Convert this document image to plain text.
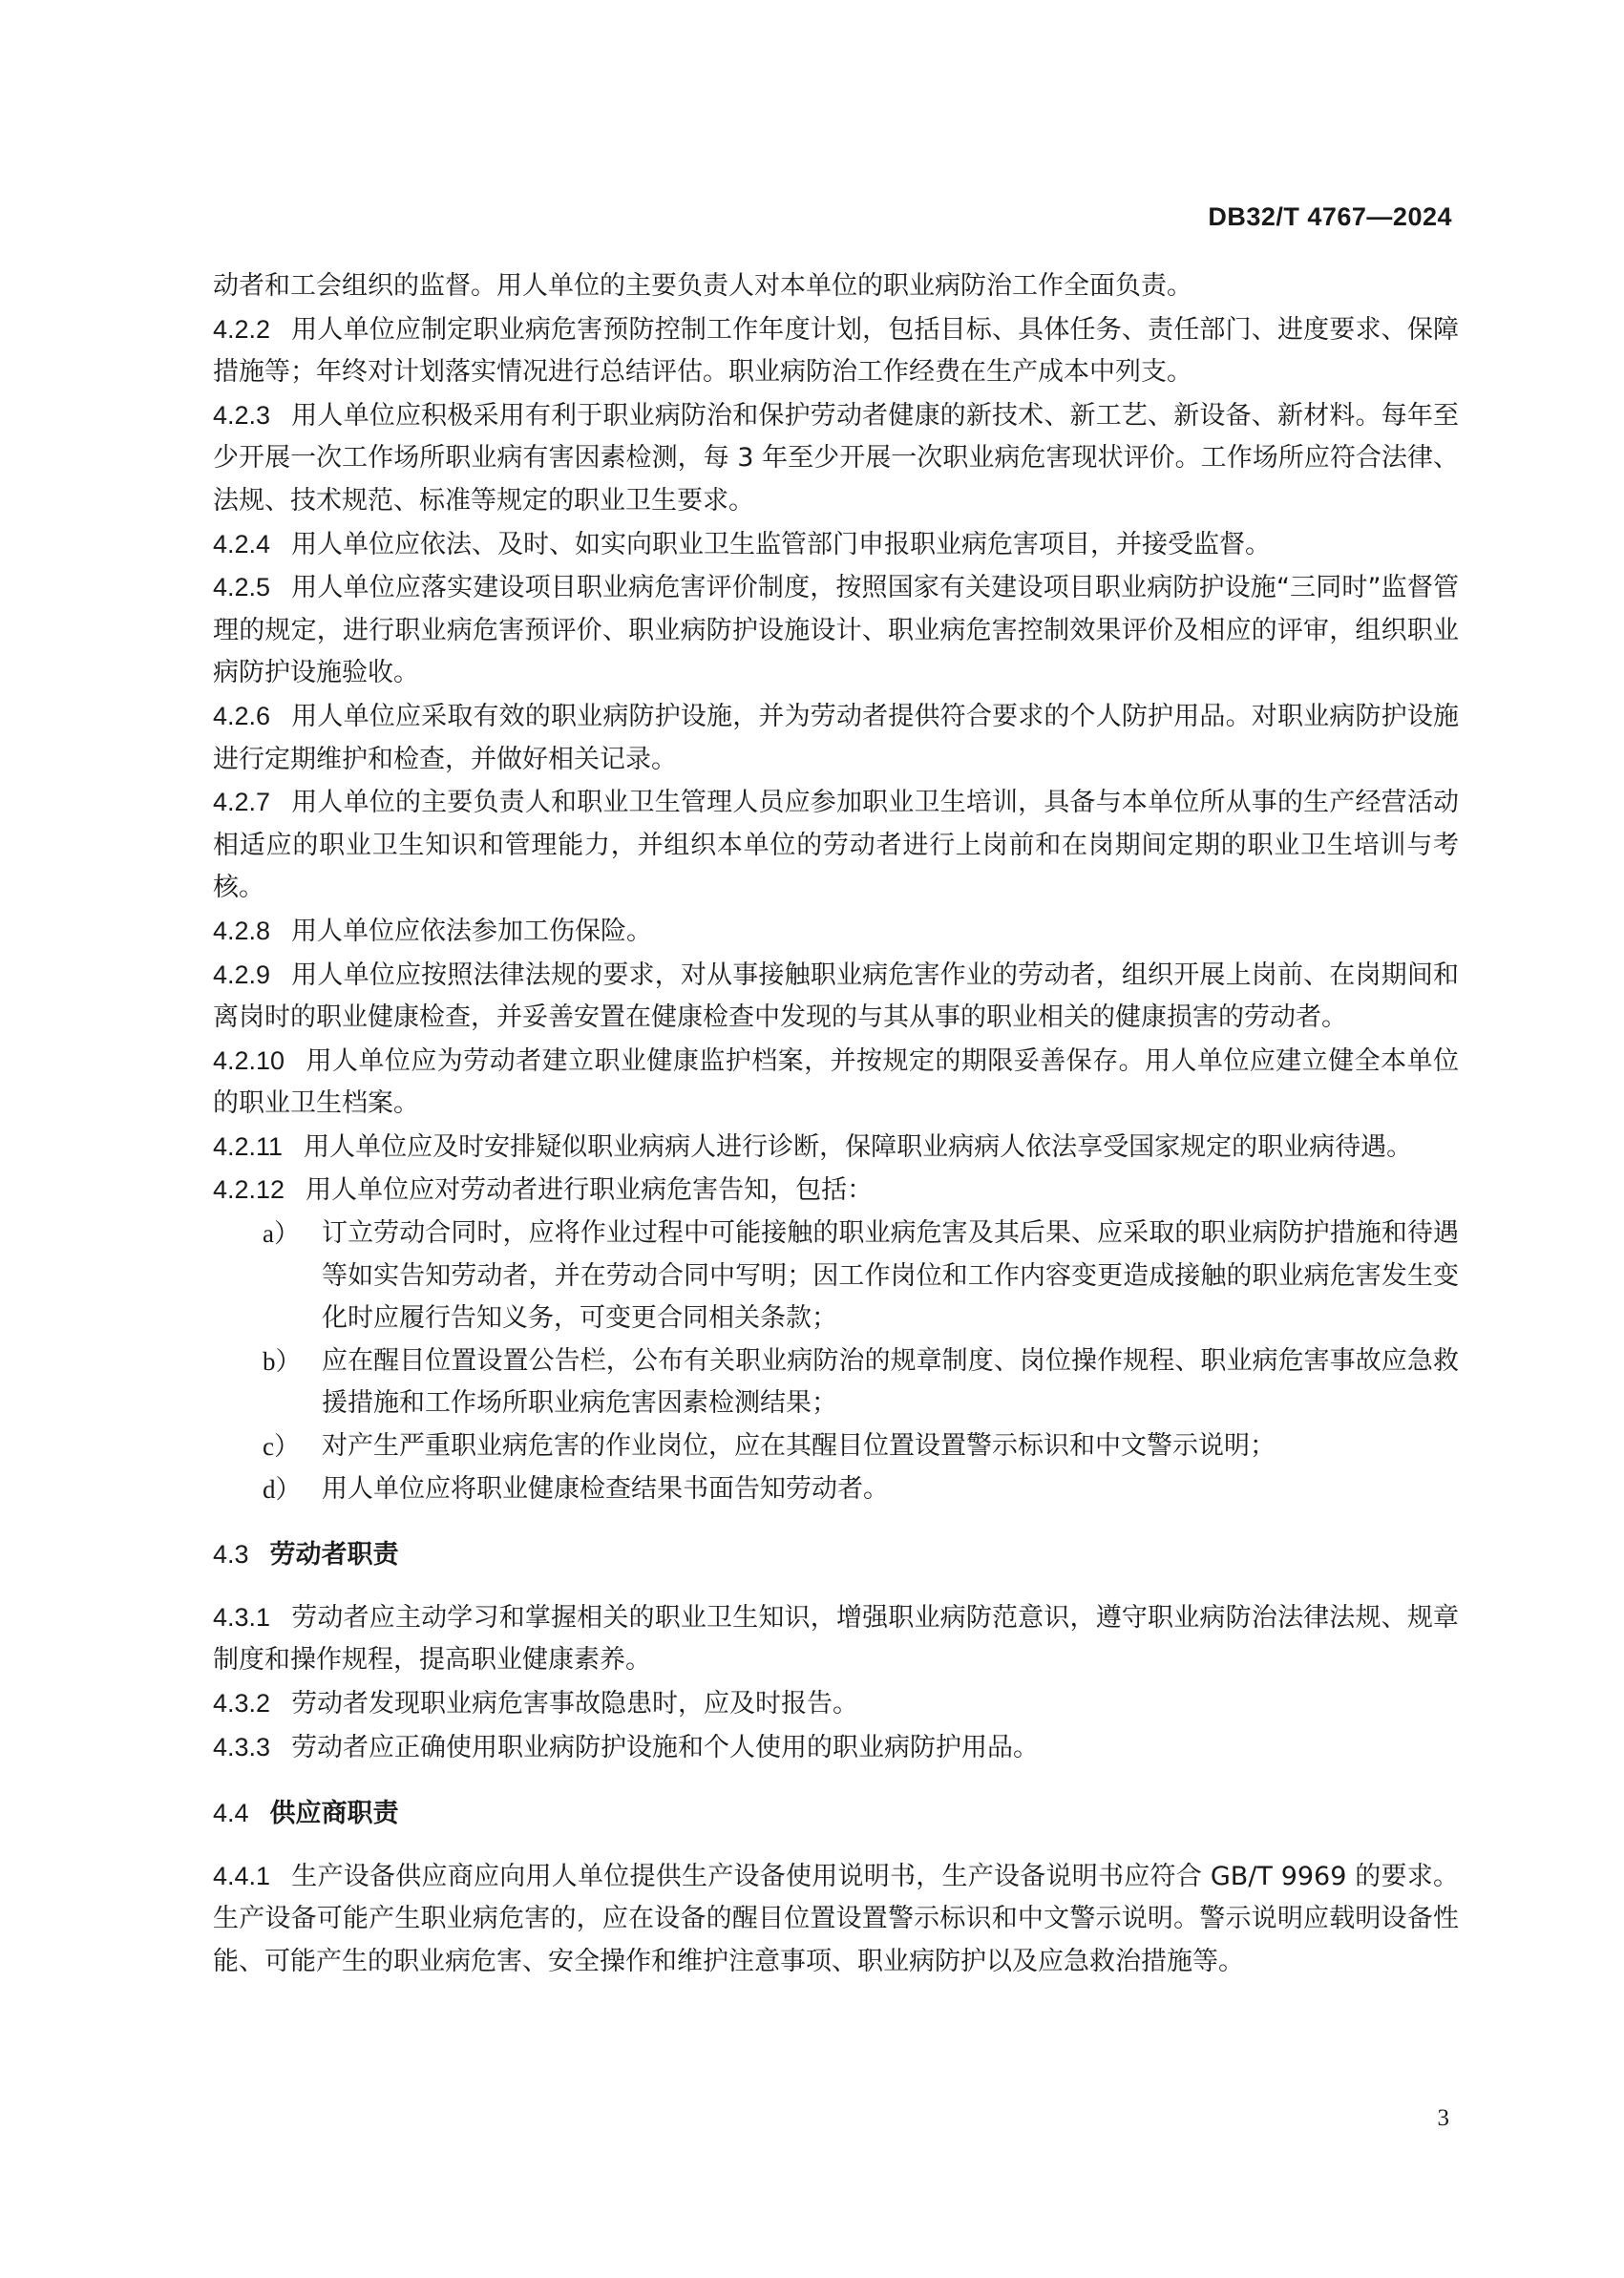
DB32/T 4767—2024

动者和工会组织的监督。用人单位的主要负责人对本单位的职业病防治工作全面负责。

4.2.2 用人单位应制定职业病危害预防控制工作年度计划，包括目标、具体任务、责任部门、进度要求、保障措施等；年终对计划落实情况进行总结评估。职业病防治工作经费在生产成本中列支。

4.2.3 用人单位应积极采用有利于职业病防治和保护劳动者健康的新技术、新工艺、新设备、新材料。每年至少开展一次工作场所职业病有害因素检测，每 3 年至少开展一次职业病危害现状评价。工作场所应符合法律、法规、技术规范、标准等规定的职业卫生要求。

4.2.4 用人单位应依法、及时、如实向职业卫生监管部门申报职业病危害项目，并接受监督。

4.2.5 用人单位应落实建设项目职业病危害评价制度，按照国家有关建设项目职业病防护设施“三同时”监督管理的规定，进行职业病危害预评价、职业病防护设施设计、职业病危害控制效果评价及相应的评审，组织职业病防护设施验收。

4.2.6 用人单位应采取有效的职业病防护设施，并为劳动者提供符合要求的个人防护用品。对职业病防护设施进行定期维护和检查，并做好相关记录。

4.2.7 用人单位的主要负责人和职业卫生管理人员应参加职业卫生培训，具备与本单位所从事的生产经营活动相适应的职业卫生知识和管理能力，并组织本单位的劳动者进行上岗前和在岗期间定期的职业卫生培训与考核。

4.2.8 用人单位应依法参加工伤保险。

4.2.9 用人单位应按照法律法规的要求，对从事接触职业病危害作业的劳动者，组织开展上岗前、在岗期间和离岗时的职业健康检查，并妥善安置在健康检查中发现的与其从事的职业相关的健康损害的劳动者。

4.2.10 用人单位应为劳动者建立职业健康监护档案，并按规定的期限妥善保存。用人单位应建立健全本单位的职业卫生档案。

4.2.11 用人单位应及时安排疑似职业病病人进行诊断，保障职业病病人依法享受国家规定的职业病待遇。

4.2.12 用人单位应对劳动者进行职业病危害告知，包括：

a） 订立劳动合同时，应将作业过程中可能接触的职业病危害及其后果、应采取的职业病防护措施和待遇等如实告知劳动者，并在劳动合同中写明；因工作岗位和工作内容变更造成接触的职业病危害发生变化时应履行告知义务，可变更合同相关条款；
b） 应在醒目位置设置公告栏，公布有关职业病防治的规章制度、岗位操作规程、职业病危害事故应急救援措施和工作场所职业病危害因素检测结果；
c） 对产生严重职业病危害的作业岗位，应在其醒目位置设置警示标识和中文警示说明；
d） 用人单位应将职业健康检查结果书面告知劳动者。
4.3 劳动者职责

4.3.1 劳动者应主动学习和掌握相关的职业卫生知识，增强职业病防范意识，遵守职业病防治法律法规、规章制度和操作规程，提高职业健康素养。

4.3.2 劳动者发现职业病危害事故隐患时，应及时报告。

4.3.3 劳动者应正确使用职业病防护设施和个人使用的职业病防护用品。

4.4 供应商职责

4.4.1 生产设备供应商应向用人单位提供生产设备使用说明书，生产设备说明书应符合 GB/T 9969 的要求。生产设备可能产生职业病危害的，应在设备的醒目位置设置警示标识和中文警示说明。警示说明应载明设备性能、可能产生的职业病危害、安全操作和维护注意事项、职业病防护以及应急救治措施等。

3
